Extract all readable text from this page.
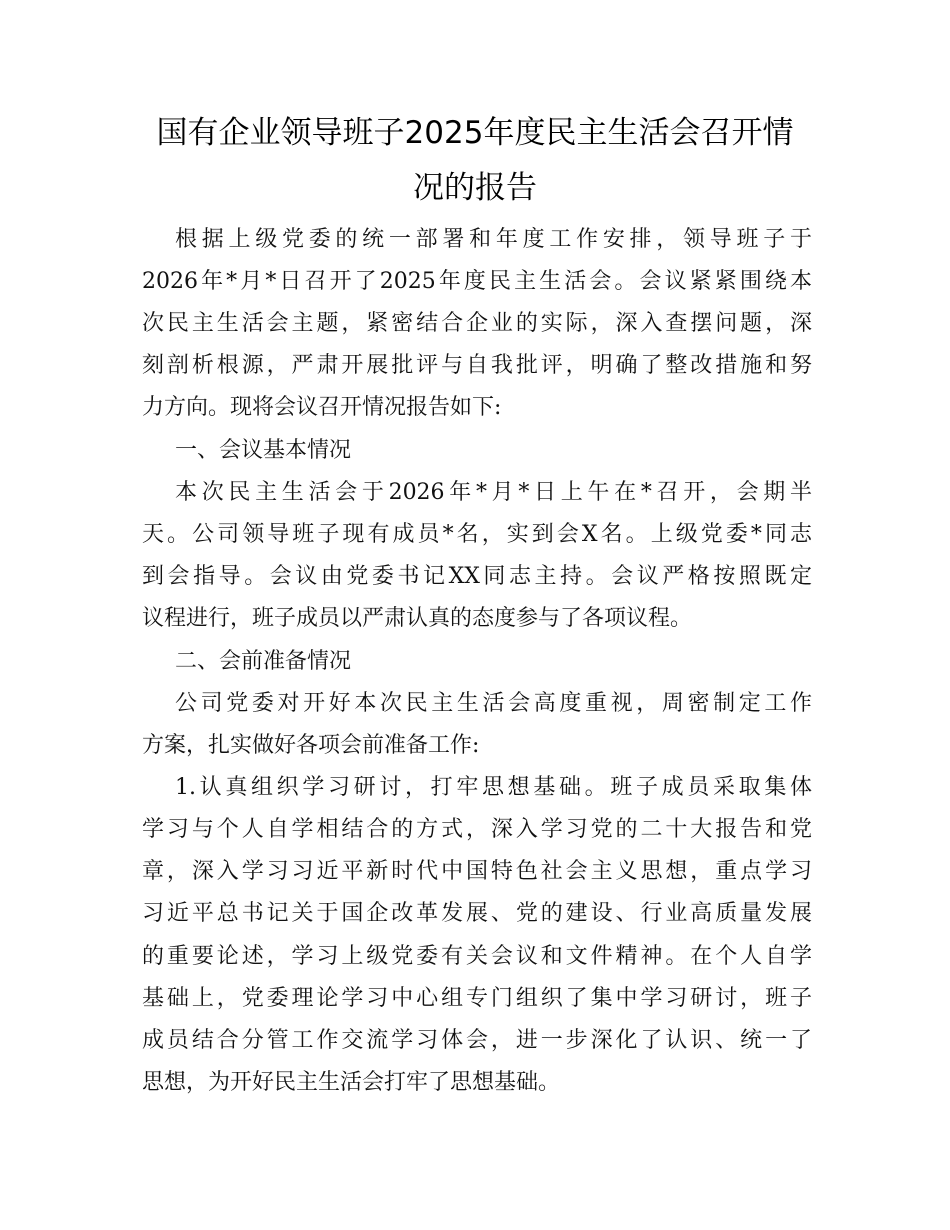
国有企业领导班子2025年度民主生活会召开情
况的报告
根据上级党委的统一部署和年度工作安排，领导班子于
2026年*月*日召开了2025年度民主生活会。会议紧紧围绕本
次民主生活会主题，紧密结合企业的实际，深入查摆问题，深
刻剖析根源，严肃开展批评与自我批评，明确了整改措施和努
力方向。现将会议召开情况报告如下:
一、会议基本情况
本次民主生活会于2026年*月*日上午在*召开，会期半
天。公司领导班子现有成员*名，实到会X名。上级党委*同志
到会指导。会议由党委书记XX同志主持。会议严格按照既定
议程进行，班子成员以严肃认真的态度参与了各项议程。
二、会前准备情况
公司党委对开好本次民主生活会高度重视，周密制定工作
方案，扎实做好各项会前准备工作:
1.认真组织学习研讨，打牢思想基础。班子成员采取集体
学习与个人自学相结合的方式，深入学习党的二十大报告和党
章，深入学习习近平新时代中国特色社会主义思想，重点学习
习近平总书记关于国企改革发展、党的建设、行业高质量发展
的重要论述，学习上级党委有关会议和文件精神。在个人自学
基础上，党委理论学习中心组专门组织了集中学习研讨，班子
成员结合分管工作交流学习体会，进一步深化了认识、统一了
思想，为开好民主生活会打牢了思想基础。
